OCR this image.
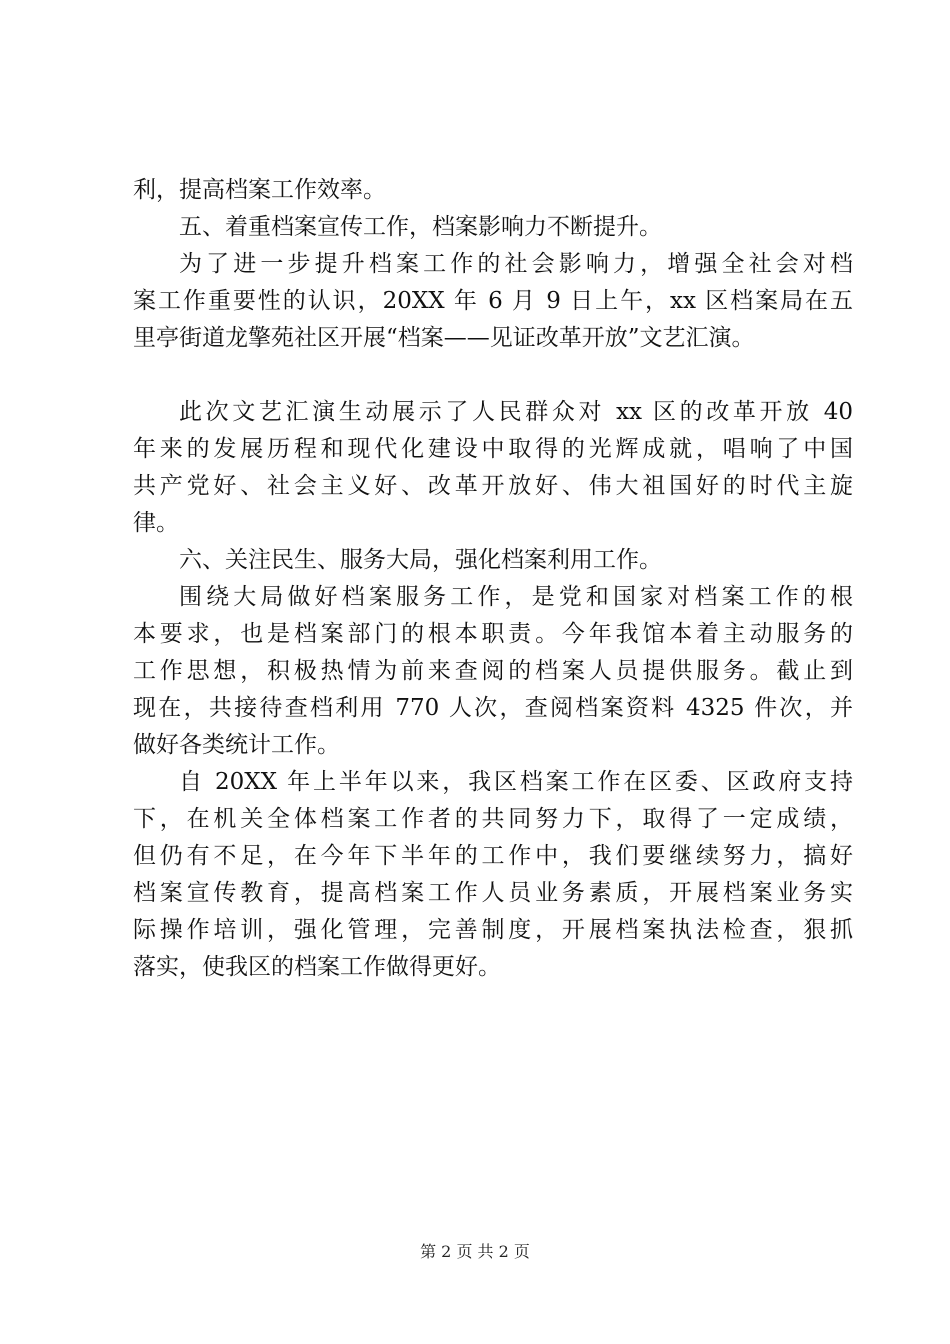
利，提高档案工作效率。
五、着重档案宣传工作，档案影响力不断提升。
为了进一步提升档案工作的社会影响力，增强全社会对档
案工作重要性的认识，20XX 年 6 月 9 日上午，xx 区档案局在五
里亭街道龙擎苑社区开展“档案——见证改革开放”文艺汇演。
此次文艺汇演生动展示了人民群众对 xx 区的改革开放 40
年来的发展历程和现代化建设中取得的光辉成就，唱响了中国
共产党好、社会主义好、改革开放好、伟大祖国好的时代主旋
律。
六、关注民生、服务大局，强化档案利用工作。
围绕大局做好档案服务工作，是党和国家对档案工作的根
本要求，也是档案部门的根本职责。今年我馆本着主动服务的
工作思想，积极热情为前来查阅的档案人员提供服务。截止到
现在，共接待查档利用 770 人次，查阅档案资料 4325 件次，并
做好各类统计工作。
自 20XX 年上半年以来，我区档案工作在区委、区政府支持
下，在机关全体档案工作者的共同努力下，取得了一定成绩，
但仍有不足，在今年下半年的工作中，我们要继续努力，搞好
档案宣传教育，提高档案工作人员业务素质，开展档案业务实
际操作培训，强化管理，完善制度，开展档案执法检查，狠抓
落实，使我区的档案工作做得更好。
第 2 页 共 2 页
